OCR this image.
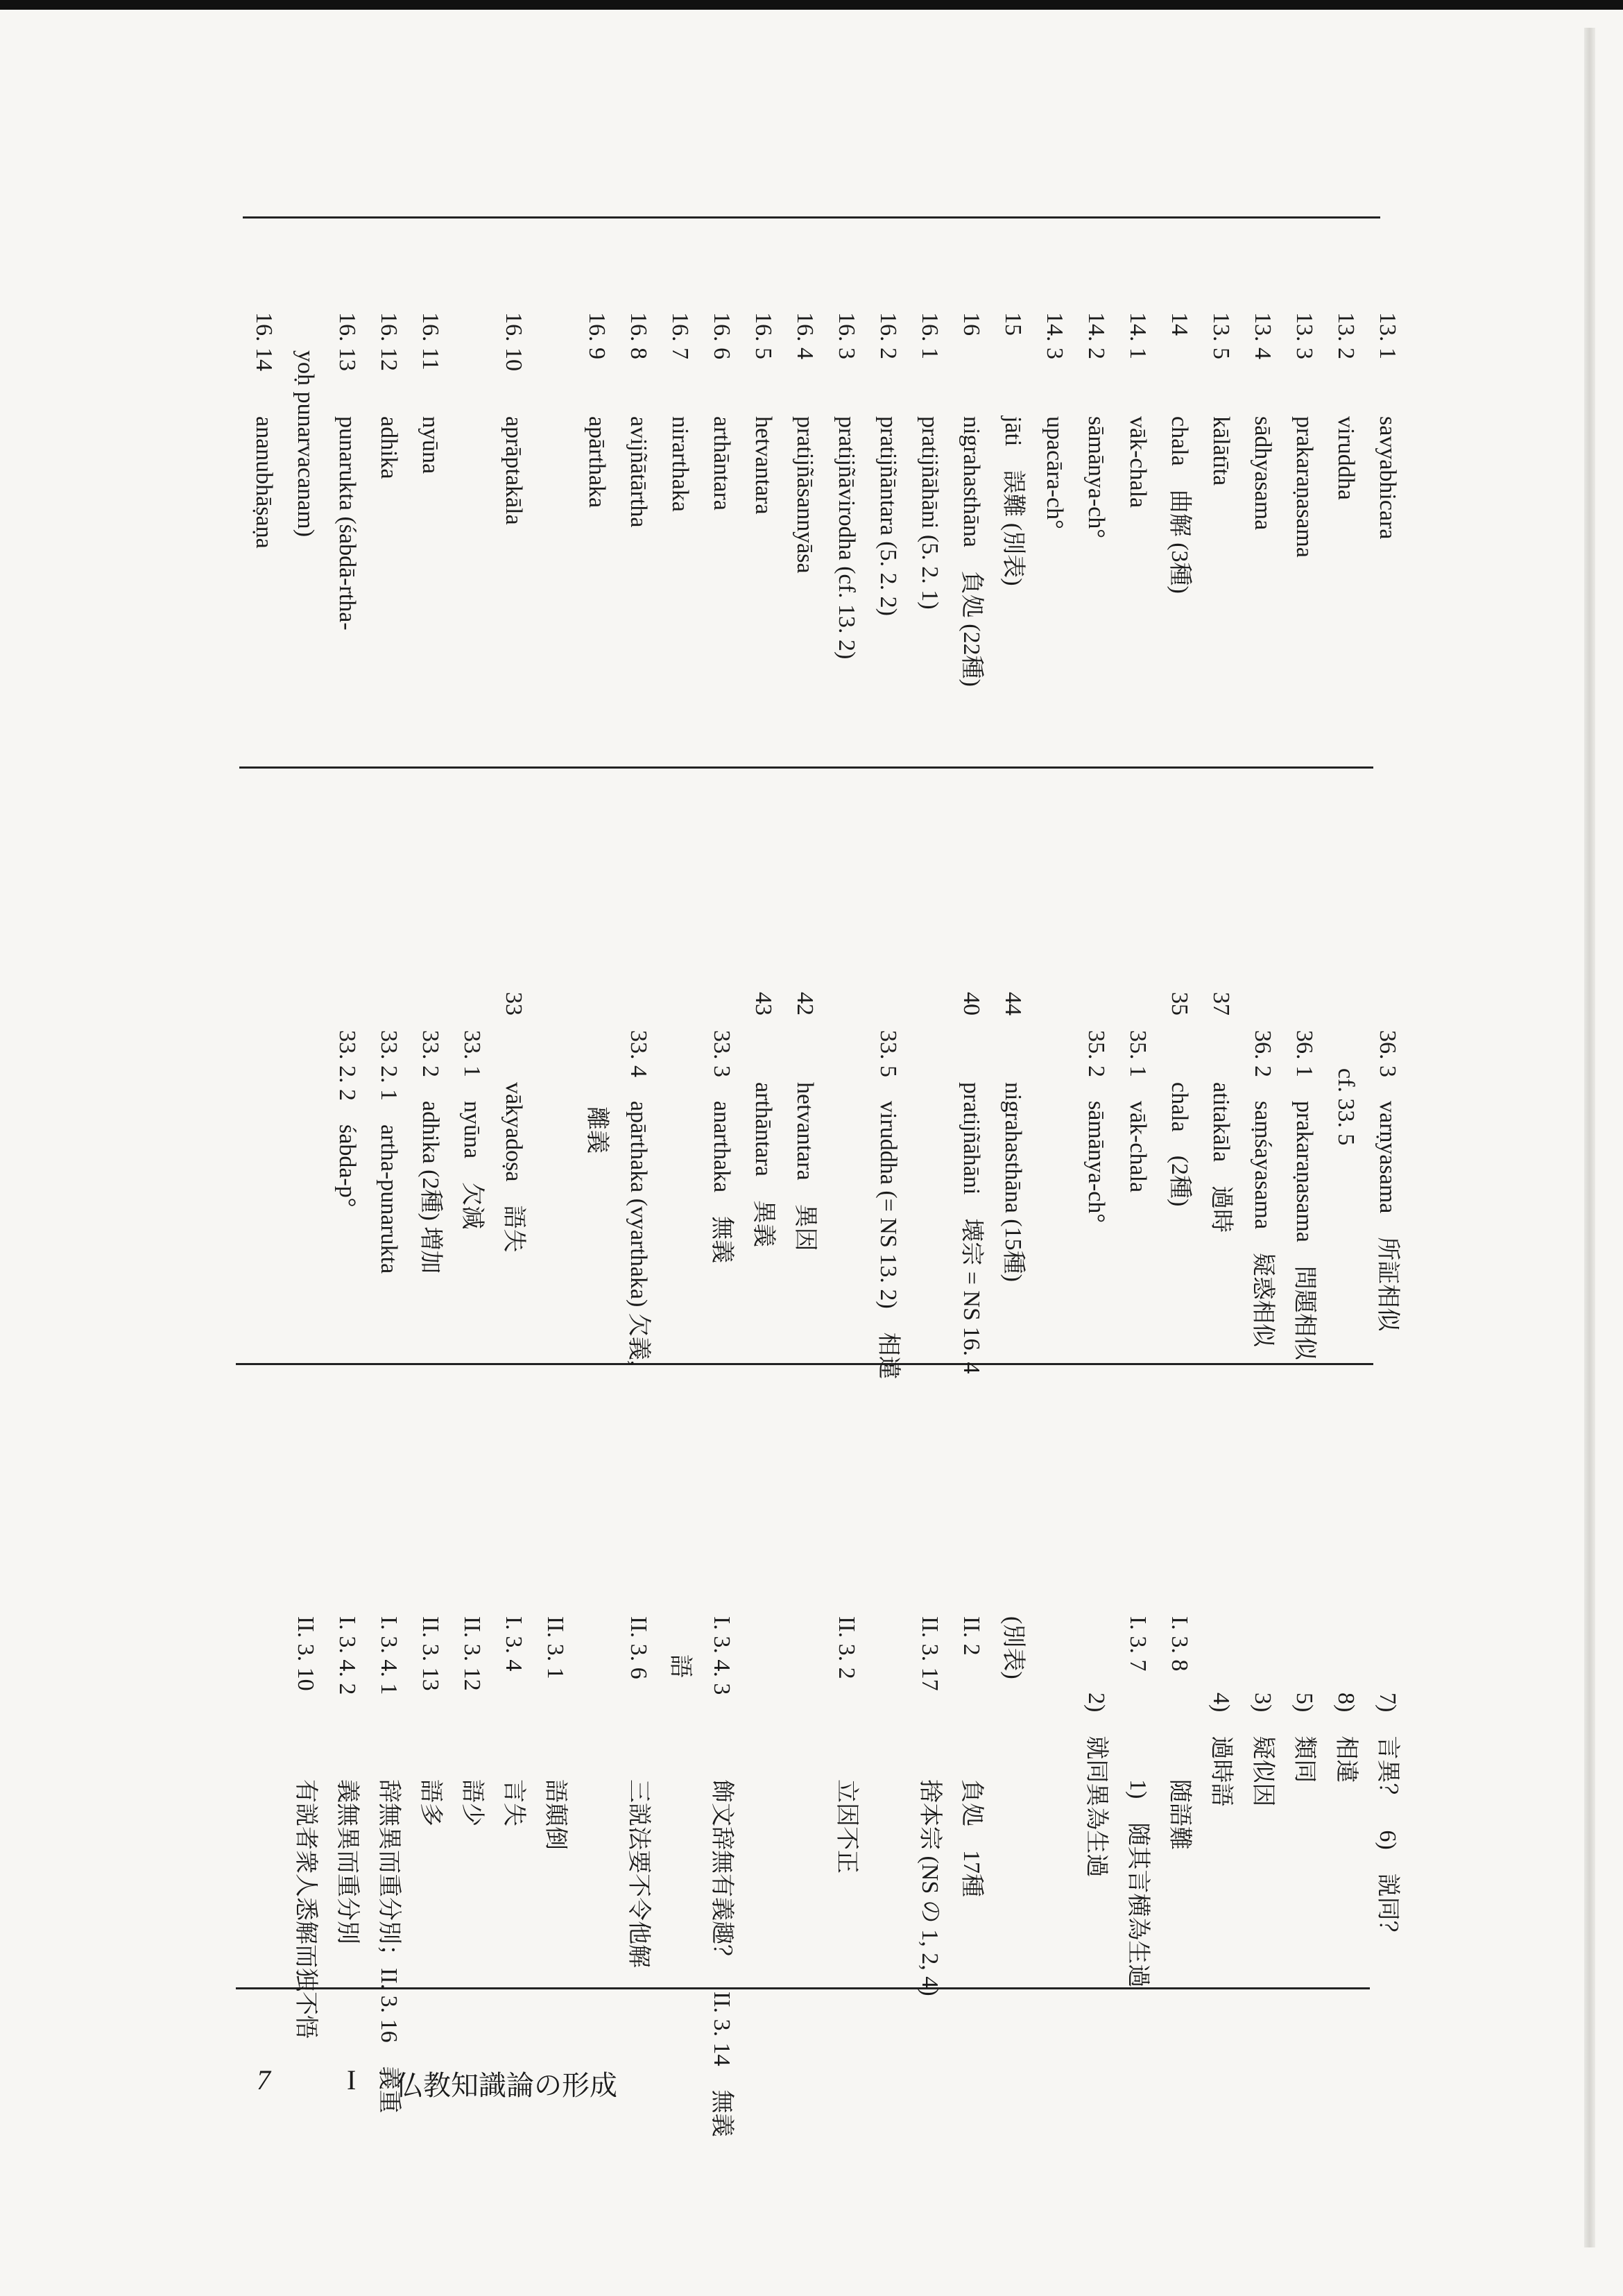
13. 1
savyabhicara
13. 2
viruddha
13. 3
prakaraṇasama
13. 4
sādhyasama
13. 5
kālātīta
14
chala　曲解 (3種)
14. 1
vāk-chala
14. 2
sāmānya-ch°
14. 3
upacāra-ch°
15
jāti　誤難 (別表)
16
nigrahasthāna　負処 (22種)
16. 1
pratijñāhāni (5. 2. 1)
16. 2
pratijñāntara (5. 2. 2)
16. 3
pratijñāvirodha (cf. 13. 2)
16. 4
pratijñāsannyāsa
16. 5
hetvantara
16. 6
arthāntara
16. 7
nirarthaka
16. 8
avijñātārtha
16. 9
apārthaka
16. 10
aprāptakāla
16. 11
nyūna
16. 12
adhika
16. 13
punarukta (śabdā-rtha-
yoḥ punarvacanam)
16. 14
ananubhāṣaṇa
36. 3　varṇyasama　所証相似
cf. 33. 5
36. 1　prakaraṇasama　問題相似
36. 2　saṃśayasama　疑惑相似
37
atitakāla　過時
35
chala　(2種)
35. 1　vāk-chala
35. 2　sāmānya-ch°
44
nigrahasthāna (15種)
40
pratijñāhāni　壊宗 = NS 16. 4
33. 5　viruddha (= NS 13. 2)　相違
42
hetvantara　異因
43
arthāntara　異義
33. 3　anarthaka　無義
33. 4　apārthaka (vyarthaka) 欠義,
離義
33
vākyadoṣa　語失
33. 1　nyūna　欠減
33. 2　adhika (2種) 増加
33. 2. 1　artha-punarukta
33. 2. 2　śabda-p°
7)　言異？　6)　説同？
8)　相違
5)　類同
3)　疑似因
4)　過時語
I. 3. 8
随語難
I. 3. 7
1)　随其言横為生過
2)　就同異為生過
(別表)
II. 2
負処　17種
II. 3. 17
捨本宗 (NS の 1, 2, 4)
II. 3. 2
立因不正
I. 3. 4. 3
飾文辞無有義趣？　II. 3. 14　無義
語
II. 3. 6
三説法要不令他解
II. 3. 1
語顛倒
I. 3. 4
言失
II. 3. 12
語少
II. 3. 13
語多
I. 3. 4. 1
辞無異而重分別；II. 3. 16　義重
I. 3. 4. 2
義無異而重分別
II. 3. 10
有説者衆人悉解而独不悟
7	I 仏教知識論の形成
